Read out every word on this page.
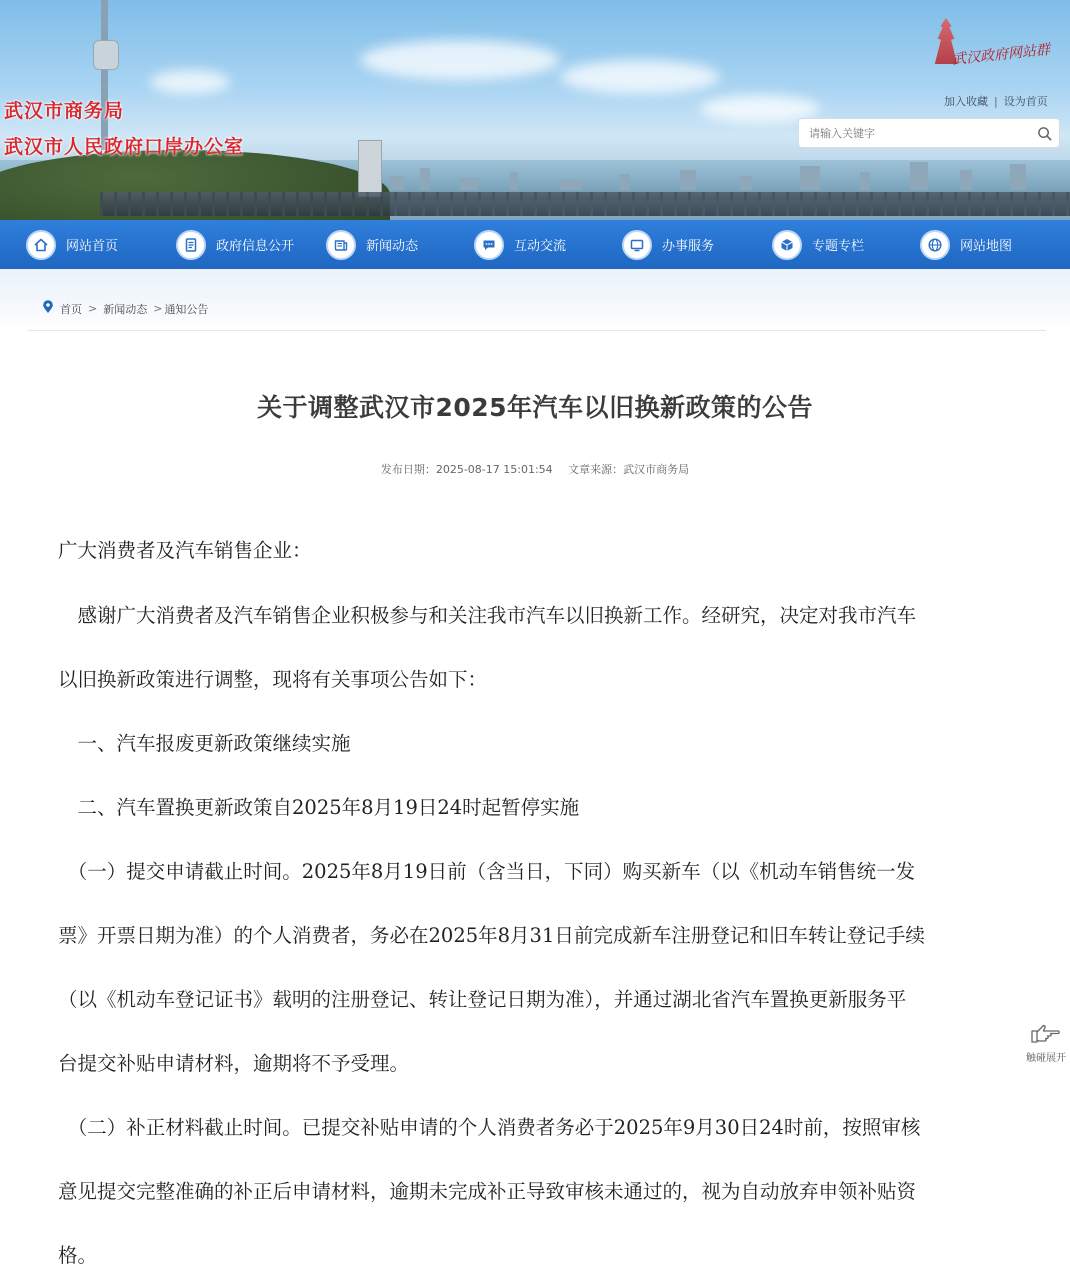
武汉市商务局
武汉市人民政府口岸办公室
武汉政府网站群
加入收藏 | 设为首页
请输入关键字
网站首页	政府信息公开	新闻动态	互动交流	办事服务	专题专栏	网站地图
首页 > 新闻动态 > 通知公告
关于调整武汉市2025年汽车以旧换新政策的公告
发布日期：2025-08-17 15:01:54 文章来源：武汉市商务局
广大消费者及汽车销售企业：
　感谢广大消费者及汽车销售企业积极参与和关注我市汽车以旧换新工作。经研究，决定对我市汽车
以旧换新政策进行调整，现将有关事项公告如下：
　一、汽车报废更新政策继续实施
　二、汽车置换更新政策自2025年8月19日24时起暂停实施
　（一）提交申请截止时间。2025年8月19日前（含当日，下同）购买新车（以《机动车销售统一发
票》开票日期为准）的个人消费者，务必在2025年8月31日前完成新车注册登记和旧车转让登记手续
（以《机动车登记证书》载明的注册登记、转让登记日期为准），并通过湖北省汽车置换更新服务平
台提交补贴申请材料，逾期将不予受理。
　（二）补正材料截止时间。已提交补贴申请的个人消费者务必于2025年9月30日24时前，按照审核
意见提交完整准确的补正后申请材料，逾期未完成补正导致审核未通过的，视为自动放弃申领补贴资
格。
触碰展开
